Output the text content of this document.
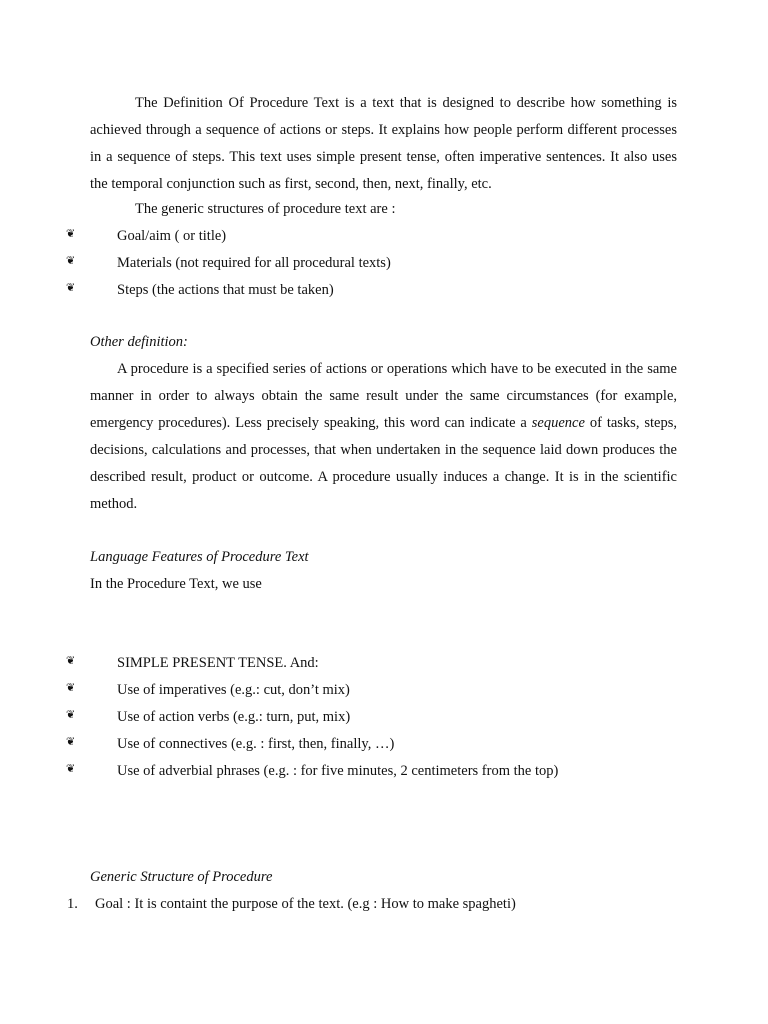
The Definition Of Procedure Text is a text that is designed to describe how something is achieved through a sequence of actions or steps. It explains how people perform different processes in a sequence of steps. This text uses simple present tense, often imperative sentences. It also uses the temporal conjunction such as first, second, then, next, finally, etc.

The generic structures of procedure text are :

❦	Goal/aim ( or title)
❦	Materials (not required for all procedural texts)
❦	Steps (the actions that must be taken)

Other definition:

A procedure is a specified series of actions or operations which have to be executed in the same manner in order to always obtain the same result under the same circumstances (for example, emergency procedures). Less precisely speaking, this word can indicate a sequence of tasks, steps, decisions, calculations and processes, that when undertaken in the sequence laid down produces the described result, product or outcome. A procedure usually induces a change. It is in the scientific method.

Language Features of Procedure Text

In the Procedure Text, we use

❦	SIMPLE PRESENT TENSE. And:
❦	Use of imperatives (e.g.: cut, don’t mix)
❦	Use of action verbs (e.g.: turn, put, mix)
❦	Use of connectives (e.g. : first, then, finally, …)
❦	Use of adverbial phrases (e.g. : for five minutes, 2 centimeters from the top)

Generic Structure of Procedure

1. Goal : It is containt the purpose of the text. (e.g : How to make spagheti)
